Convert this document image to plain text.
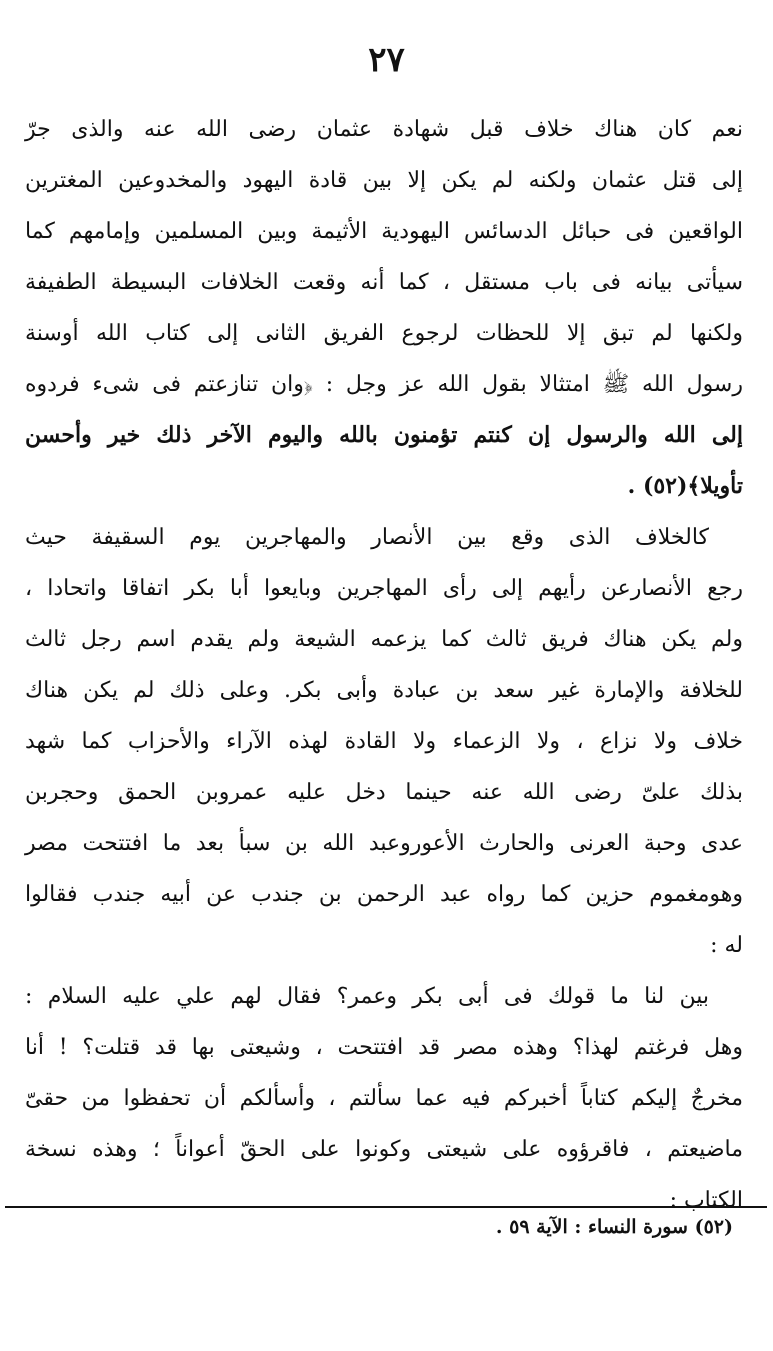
٢٧
نعم كان هناك خلاف قبل شهادة عثمان رضى الله عنه والذى جرّ
إلى قتل عثمان ولكنه لم يكن إلا بين قادة اليهود والمخدوعين المغترين
الواقعين فى حبائل الدسائس اليهودية الأثيمة وبين المسلمين وإمامهم كما
سيأتى بيانه فى باب مستقل ، كما أنه وقعت الخلافات البسيطة الطفيفة
ولكنها لم تبق إلا للحظات لرجوع الفريق الثانى إلى كتاب الله أوسنة
رسول الله ﷺ امتثالا بقول الله عز وجل : ﴿وان تنازعتم فى شىء فردوه
إلى الله والرسول إن كنتم تؤمنون بالله واليوم الآخر ذلك خير وأحسن
تأويلا﴾(٥٢) .
كالخلاف الذى وقع بين الأنصار والمهاجرين يوم السقيفة حيث
رجع الأنصارعن رأيهم إلى رأى المهاجرين وبايعوا أبا بكر اتفاقا واتحادا ،
ولم يكن هناك فريق ثالث كما يزعمه الشيعة ولم يقدم اسم رجل ثالث
للخلافة والإمارة غير سعد بن عبادة وأبى بكر. وعلى ذلك لم يكن هناك
خلاف ولا نزاع ، ولا الزعماء ولا القادة لهذه الآراء والأحزاب كما شهد
بذلك علىّ رضى الله عنه حينما دخل عليه عمروبن الحمق وحجربن
عدى وحبة العرنى والحارث الأعوروعبد الله بن سبأ بعد ما افتتحت مصر
وهومغموم حزين كما رواه عبد الرحمن بن جندب عن أبيه جندب فقالوا
له :
بين لنا ما قولك فى أبى بكر وعمر؟ فقال لهم علي عليه السلام :
وهل فرغتم لهذا؟ وهذه مصر قد افتتحت ، وشيعتى بها قد قتلت؟ ! أنا
مخرجٌ إليكم كتاباً أخبركم فيه عما سألتم ، وأسألكم أن تحفظوا من حقىّ
ماضيعتم ، فاقرؤوه على شيعتى وكونوا على الحقّ أعواناً ؛ وهذه نسخة
الكتاب :
(٥٢) سورة النساء : الآية ٥٩ .
